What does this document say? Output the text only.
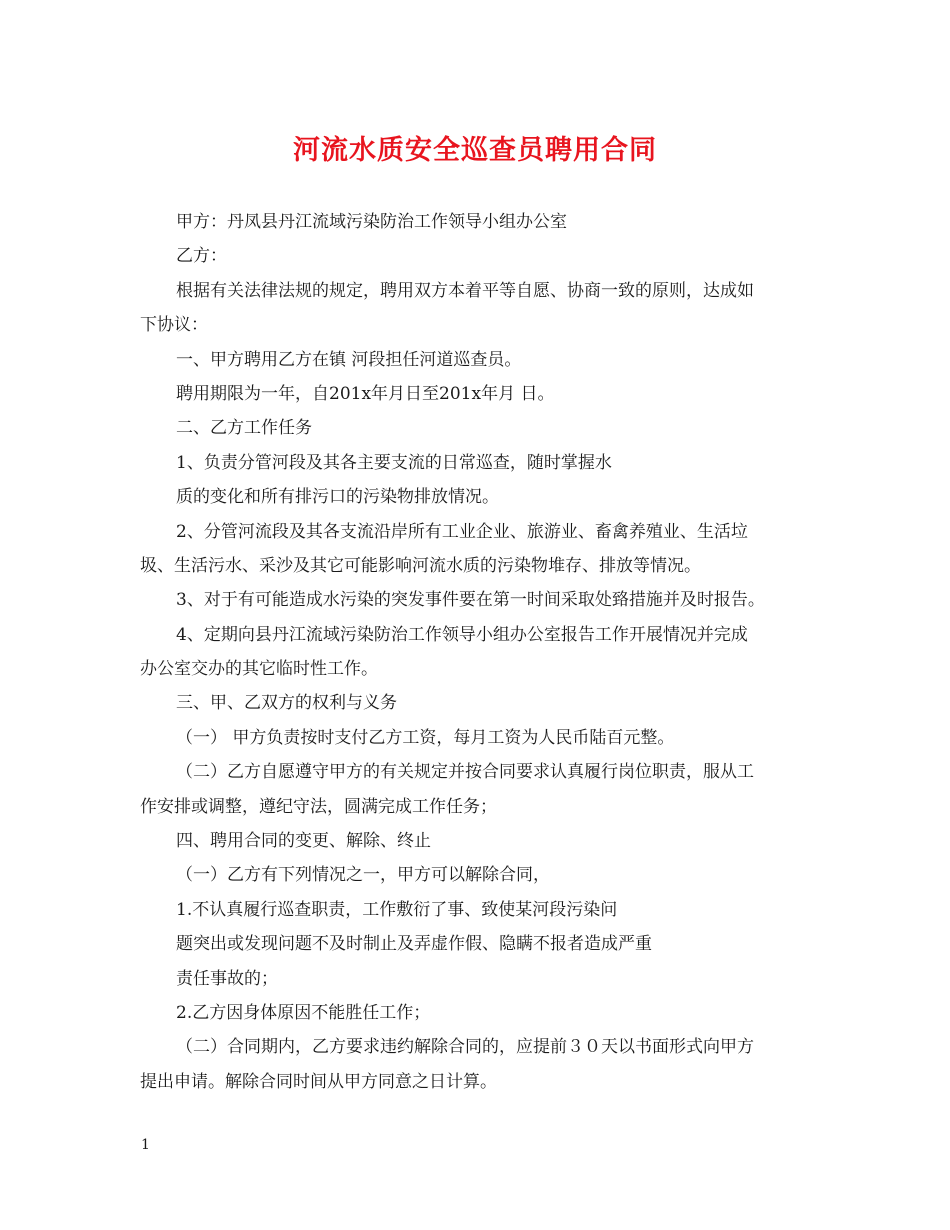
河流水质安全巡查员聘用合同

甲方：丹凤县丹江流域污染防治工作领导小组办公室

乙方：

根据有关法律法规的规定，聘用双方本着平等自愿、协商一致的原则，达成如

下协议：

一、甲方聘用乙方在镇 河段担任河道巡查员。

聘用期限为一年，自201x年月日至201x年月 日。

二、乙方工作任务

1、负责分管河段及其各主要支流的日常巡查，随时掌握水

质的变化和所有排污口的污染物排放情况。

2、分管河流段及其各支流沿岸所有工业企业、旅游业、畜禽养殖业、生活垃

圾、生活污水、采沙及其它可能影响河流水质的污染物堆存、排放等情况。

3、对于有可能造成水污染的突发事件要在第一时间采取处臵措施并及时报告。

4、定期向县丹江流域污染防治工作领导小组办公室报告工作开展情况并完成

办公室交办的其它临时性工作。

三、甲、乙双方的权利与义务

（一） 甲方负责按时支付乙方工资，每月工资为人民币陆百元整。

（二）乙方自愿遵守甲方的有关规定并按合同要求认真履行岗位职责，服从工

作安排或调整，遵纪守法，圆满完成工作任务；

四、聘用合同的变更、解除、终止

（一）乙方有下列情况之一，甲方可以解除合同，

1.不认真履行巡查职责，工作敷衍了事、致使某河段污染问

题突出或发现问题不及时制止及弄虚作假、隐瞒不报者造成严重

责任事故的；

2.乙方因身体原因不能胜任工作；

（二）合同期内，乙方要求违约解除合同的，应提前３０天以书面形式向甲方

提出申请。解除合同时间从甲方同意之日计算。

1
